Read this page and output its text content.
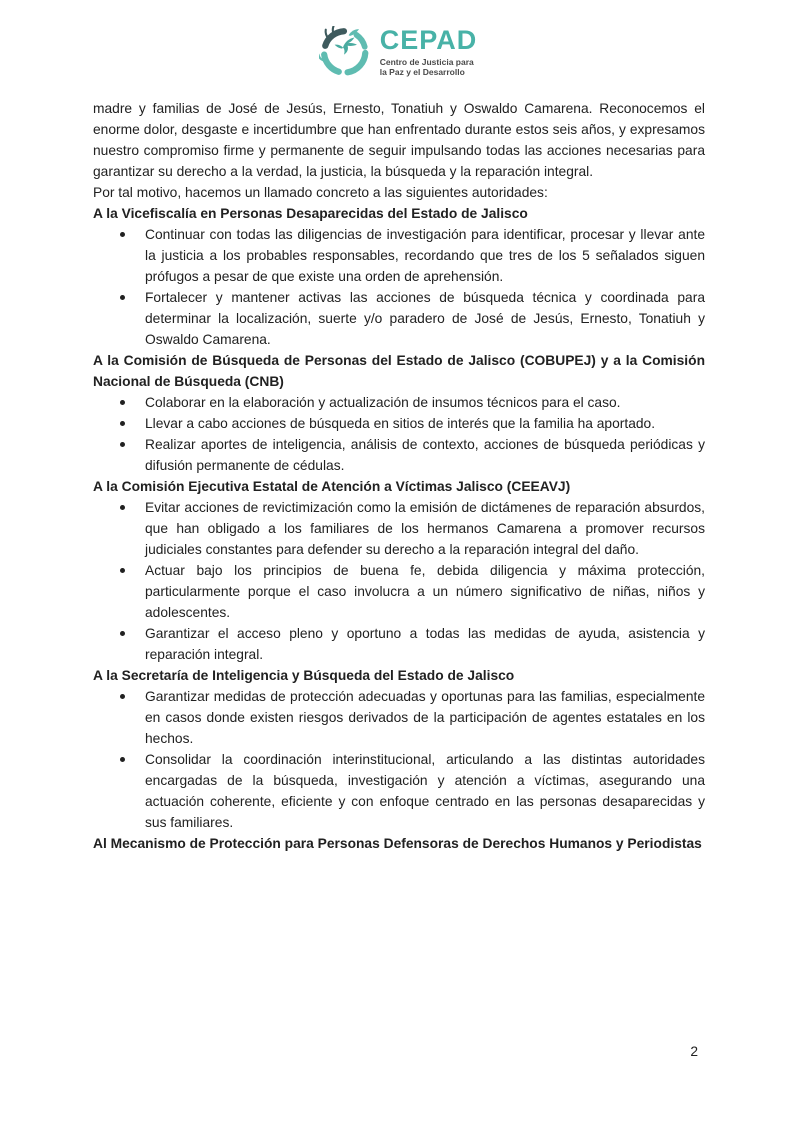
CEPAD
Centro de Justicia para
la Paz y el Desarrollo

madre y familias de José de Jesús, Ernesto, Tonatiuh y Oswaldo Camarena. Reconocemos el enorme dolor, desgaste e incertidumbre que han enfrentado durante estos seis años, y expresamos nuestro compromiso firme y permanente de seguir impulsando todas las acciones necesarias para garantizar su derecho a la verdad, la justicia, la búsqueda y la reparación integral.

Por tal motivo, hacemos un llamado concreto a las siguientes autoridades:

A la Vicefiscalía en Personas Desaparecidas del Estado de Jalisco
Continuar con todas las diligencias de investigación para identificar, procesar y llevar ante la justicia a los probables responsables, recordando que tres de los 5 señalados siguen prófugos a pesar de que existe una orden de aprehensión.
Fortalecer y mantener activas las acciones de búsqueda técnica y coordinada para determinar la localización, suerte y/o paradero de José de Jesús, Ernesto, Tonatiuh y Oswaldo Camarena.
A la Comisión de Búsqueda de Personas del Estado de Jalisco (COBUPEJ) y a la Comisión Nacional de Búsqueda (CNB)
Colaborar en la elaboración y actualización de insumos técnicos para el caso.
Llevar a cabo acciones de búsqueda en sitios de interés que la familia ha aportado.
Realizar aportes de inteligencia, análisis de contexto, acciones de búsqueda periódicas y difusión permanente de cédulas.
A la Comisión Ejecutiva Estatal de Atención a Víctimas Jalisco (CEEAVJ)
Evitar acciones de revictimización como la emisión de dictámenes de reparación absurdos, que han obligado a los familiares de los hermanos Camarena a promover recursos judiciales constantes para defender su derecho a la reparación integral del daño.
Actuar bajo los principios de buena fe, debida diligencia y máxima protección, particularmente porque el caso involucra a un número significativo de niñas, niños y adolescentes.
Garantizar el acceso pleno y oportuno a todas las medidas de ayuda, asistencia y reparación integral.
A la Secretaría de Inteligencia y Búsqueda del Estado de Jalisco
Garantizar medidas de protección adecuadas y oportunas para las familias, especialmente en casos donde existen riesgos derivados de la participación de agentes estatales en los hechos.
Consolidar la coordinación interinstitucional, articulando a las distintas autoridades encargadas de la búsqueda, investigación y atención a víctimas, asegurando una actuación coherente, eficiente y con enfoque centrado en las personas desaparecidas y sus familiares.
Al Mecanismo de Protección para Personas Defensoras de Derechos Humanos y Periodistas
2
